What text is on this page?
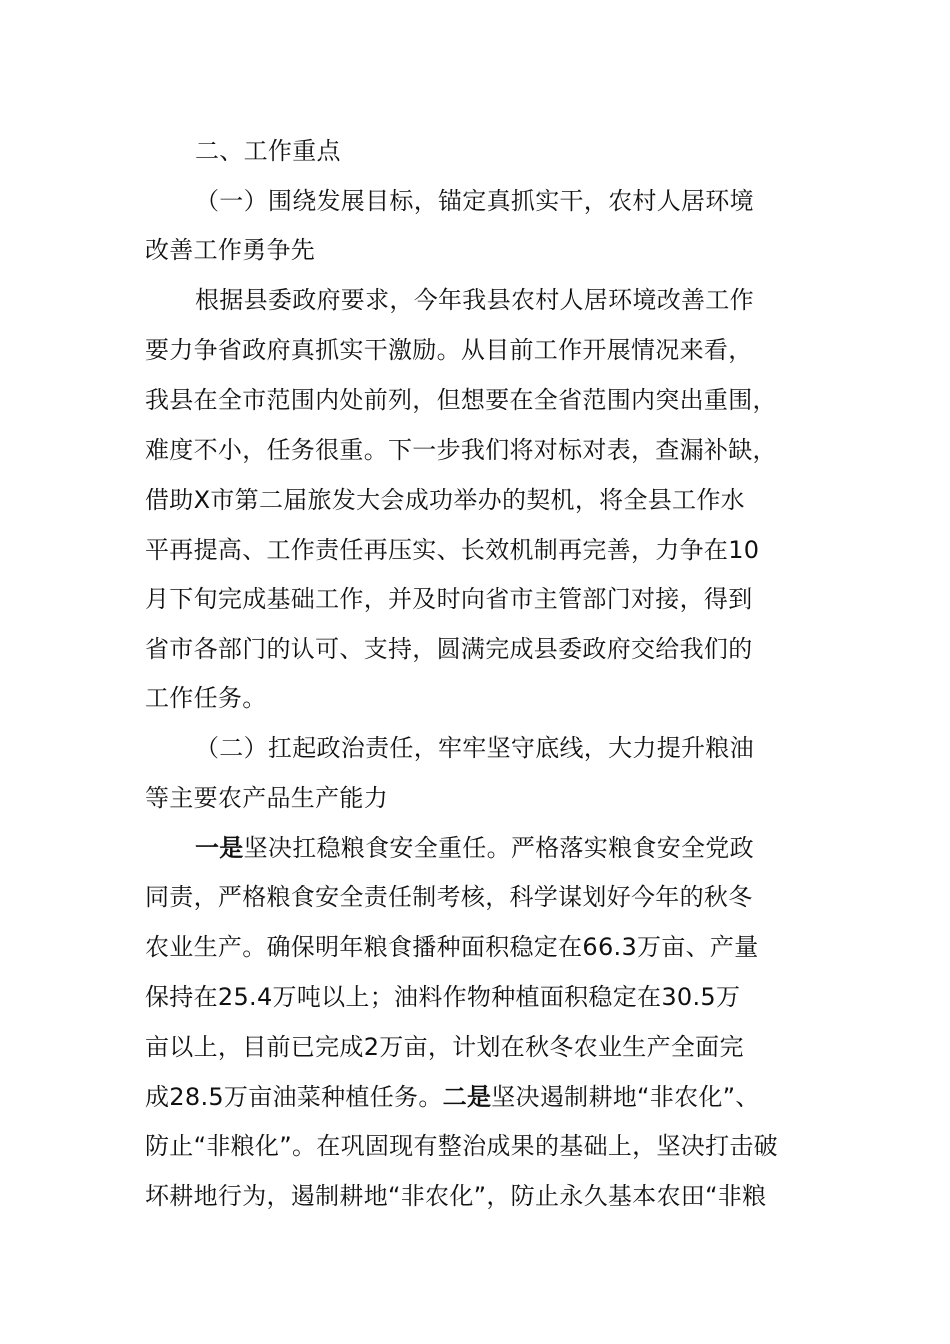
二、工作重点
（一）围绕发展目标，锚定真抓实干，农村人居环境
改善工作勇争先
根据县委政府要求，今年我县农村人居环境改善工作
要力争省政府真抓实干激励。从目前工作开展情况来看，
我县在全市范围内处前列，但想要在全省范围内突出重围，
难度不小，任务很重。下一步我们将对标对表，查漏补缺，
借助X市第二届旅发大会成功举办的契机，将全县工作水
平再提高、工作责任再压实、长效机制再完善，力争在10
月下旬完成基础工作，并及时向省市主管部门对接，得到
省市各部门的认可、支持，圆满完成县委政府交给我们的
工作任务。
（二）扛起政治责任，牢牢坚守底线，大力提升粮油
等主要农产品生产能力
一是坚决扛稳粮食安全重任。严格落实粮食安全党政
同责，严格粮食安全责任制考核，科学谋划好今年的秋冬
农业生产。确保明年粮食播种面积稳定在66.3万亩、产量
保持在25.4万吨以上；油料作物种植面积稳定在30.5万
亩以上，目前已完成2万亩，计划在秋冬农业生产全面完
成28.5万亩油菜种植任务。二是坚决遏制耕地“非农化”、
防止“非粮化”。在巩固现有整治成果的基础上，坚决打击破
坏耕地行为，遏制耕地“非农化”，防止永久基本农田“非粮
